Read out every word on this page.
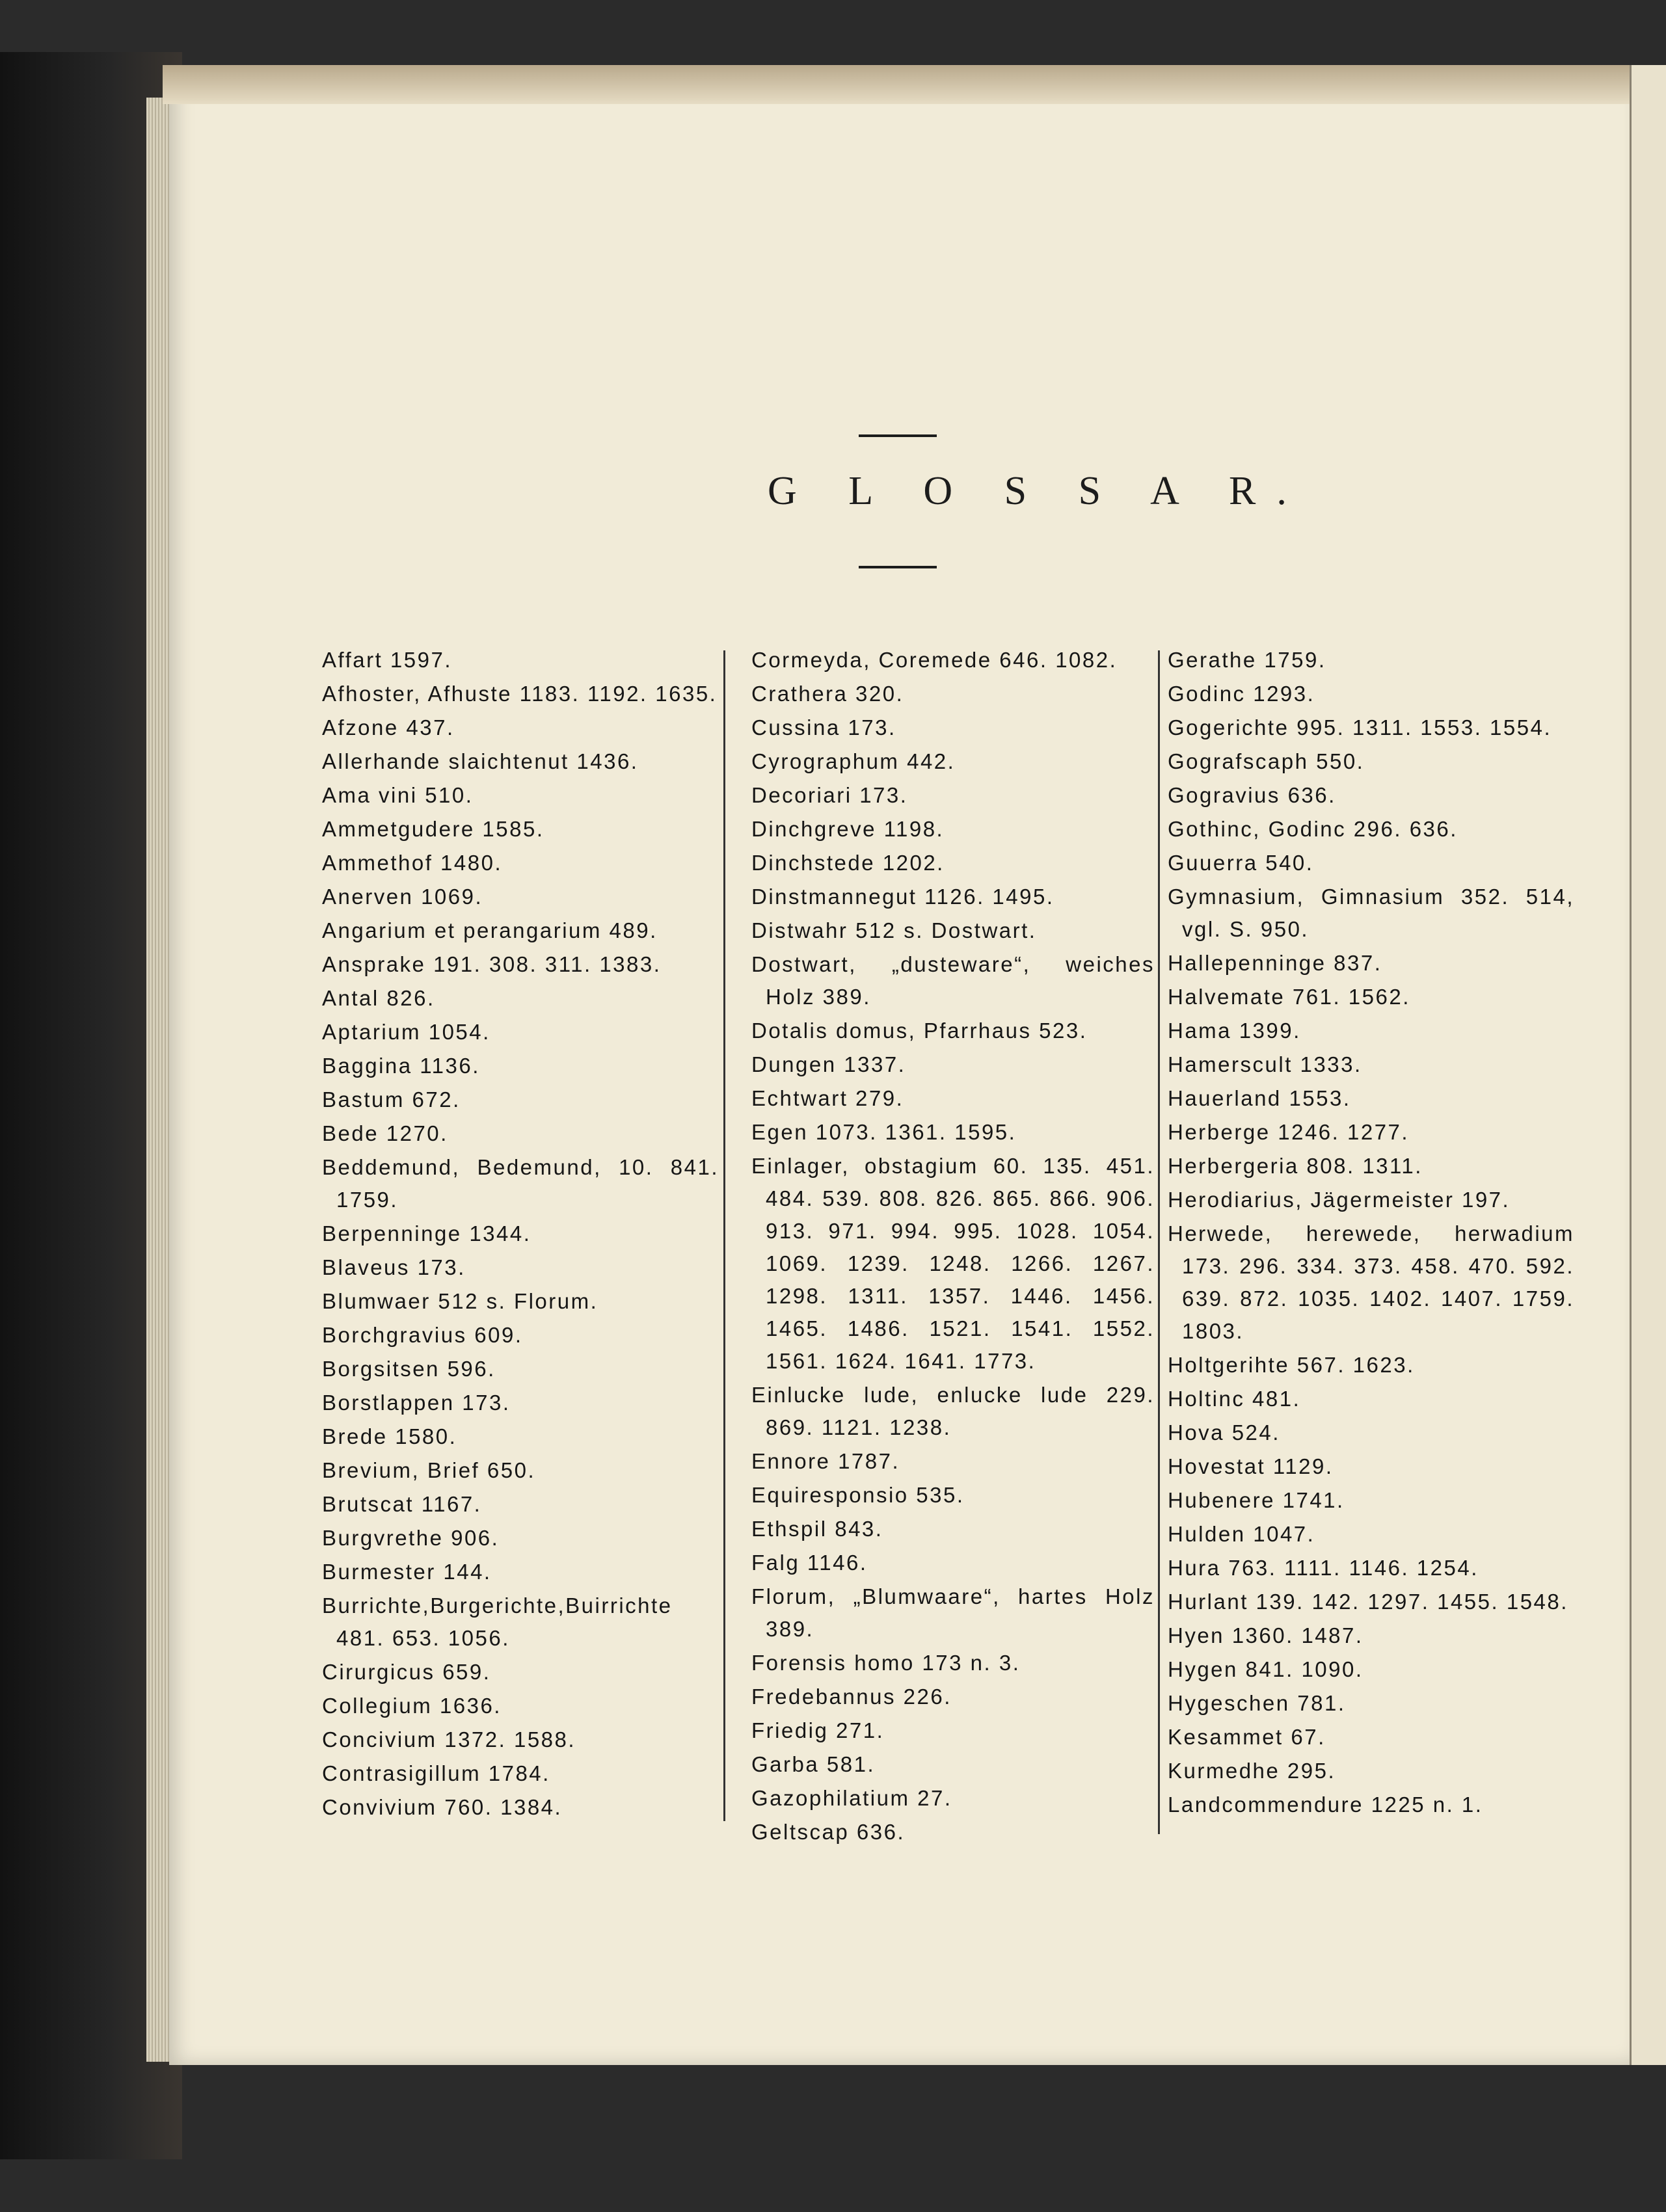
G L O S S A R.
Affart 1597.
Afhoster, Afhuste 1183. 1192. 1635.
Afzone 437.
Allerhande slaichtenut 1436.
Ama vini 510.
Ammetgudere 1585.
Ammethof 1480.
Anerven 1069.
Angarium et perangarium 489.
Ansprake 191. 308. 311. 1383.
Antal 826.
Aptarium 1054.
Baggina 1136.
Bastum 672.
Bede 1270.
Beddemund, Bedemund, 10. 841. 1759.
Berpenninge 1344.
Blaveus 173.
Blumwaer 512 s. Florum.
Borchgravius 609.
Borgsitsen 596.
Borstlappen 173.
Brede 1580.
Brevium, Brief 650.
Brutscat 1167.
Burgvrethe 906.
Burmester 144.
Burrichte,Burgerichte,Buirrichte 481. 653. 1056.
Cirurgicus 659.
Collegium 1636.
Concivium 1372. 1588.
Contrasigillum 1784.
Convivium 760. 1384.
Cormeyda, Coremede 646. 1082.
Crathera 320.
Cussina 173.
Cyrographum 442.
Decoriari 173.
Dinchgreve 1198.
Dinchstede 1202.
Dinstmannegut 1126. 1495.
Distwahr 512 s. Dostwart.
Dostwart, „dusteware“, weiches Holz 389.
Dotalis domus, Pfarrhaus 523.
Dungen 1337.
Echtwart 279.
Egen 1073. 1361. 1595.
Einlager, obstagium 60. 135. 451. 484. 539. 808. 826. 865. 866. 906. 913. 971. 994. 995. 1028. 1054. 1069. 1239. 1248. 1266. 1267. 1298. 1311. 1357. 1446. 1456. 1465. 1486. 1521. 1541. 1552. 1561. 1624. 1641. 1773.
Einlucke lude, enlucke lude 229. 869. 1121. 1238.
Ennore 1787.
Equiresponsio 535.
Ethspil 843.
Falg 1146.
Florum, „Blumwaare“, hartes Holz 389.
Forensis homo 173 n. 3.
Fredebannus 226.
Friedig 271.
Garba 581.
Gazophilatium 27.
Geltscap 636.
Gerathe 1759.
Godinc 1293.
Gogerichte 995. 1311. 1553. 1554.
Gografscaph 550.
Gogravius 636.
Gothinc, Godinc 296. 636.
Guuerra 540.
Gymnasium, Gimnasium 352. 514, vgl. S. 950.
Hallepenninge 837.
Halvemate 761. 1562.
Hama 1399.
Hamerscult 1333.
Hauerland 1553.
Herberge 1246. 1277.
Herbergeria 808. 1311.
Herodiarius, Jägermeister 197.
Herwede, herewede, herwadium 173. 296. 334. 373. 458. 470. 592. 639. 872. 1035. 1402. 1407. 1759. 1803.
Holtgerihte 567. 1623.
Holtinc 481.
Hova 524.
Hovestat 1129.
Hubenere 1741.
Hulden 1047.
Hura 763. 1111. 1146. 1254.
Hurlant 139. 142. 1297. 1455. 1548.
Hyen 1360. 1487.
Hygen 841. 1090.
Hygeschen 781.
Kesammet 67.
Kurmedhe 295.
Landcommendure 1225 n. 1.
